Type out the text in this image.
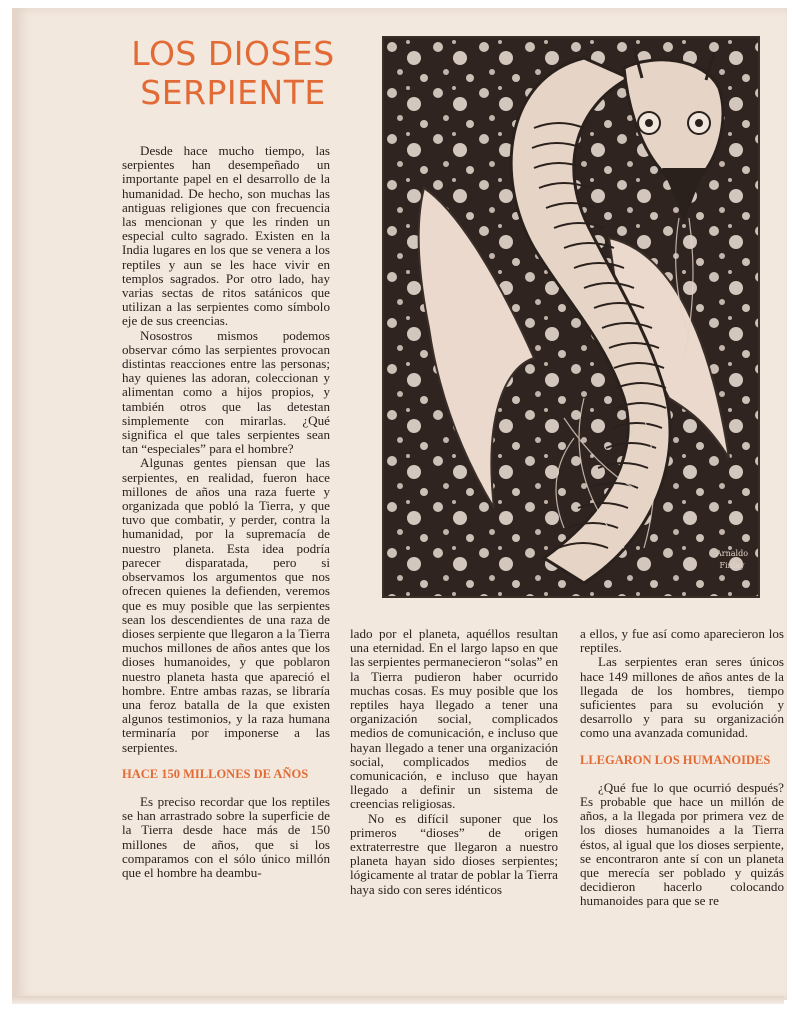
LOS DIOSES
SERPIENTE
Arnaldo
Finlay

Desde hace mucho tiempo, las serpientes han desempeñado un importante papel en el desarrollo de la humanidad. De hecho, son muchas las antiguas religiones que con frecuencia las mencionan y que les rinden un especial culto sagrado. Existen en la India lugares en los que se venera a los reptiles y aun se les hace vivir en templos sagrados. Por otro lado, hay varias sectas de ritos satánicos que utilizan a las serpientes como símbolo eje de sus creencias.

Nosostros mismos podemos observar cómo las serpientes provocan distintas reacciones entre las personas; hay quienes las adoran, coleccionan y alimentan como a hijos propios, y también otros que las detestan simplemente con mirarlas. ¿Qué significa el que tales serpientes sean tan “especiales” para el hombre?

Algunas gentes piensan que las serpientes, en realidad, fueron hace millones de años una raza fuerte y organizada que pobló la Tierra, y que tuvo que combatir, y perder, contra la humanidad, por la supremacía de nuestro planeta. Esta idea podría parecer disparatada, pero si observamos los argumentos que nos ofrecen quienes la defienden, veremos que es muy posible que las serpientes sean los descendientes de una raza de dioses serpiente que llegaron a la Tierra muchos millones de años antes que los dioses humanoides, y que poblaron nuestro planeta hasta que apareció el hombre. Entre ambas razas, se libraría una feroz batalla de la que existen algunos testimonios, y la raza humana terminaría por imponerse a las serpientes.

HACE 150 MILLONES DE AÑOS

Es preciso recordar que los reptiles se han arrastrado sobre la superficie de la Tierra desde hace más de 150 millones de años, que si los comparamos con el sólo único millón que el hombre ha deambu-

lado por el planeta, aquéllos resultan una eternidad. En el largo lapso en que las serpientes permanecieron “solas” en la Tierra pudieron haber ocurrido muchas cosas. Es muy posible que los reptiles haya llegado a tener una organización social, complicados medios de comunicación, e incluso que hayan llegado a tener una organización social, complicados medios de comunicación, e incluso que hayan llegado a definir un sistema de creencias religiosas.

No es difícil suponer que los primeros “dioses” de origen extraterrestre que llegaron a nuestro planeta hayan sido dioses serpientes; lógicamente al tratar de poblar la Tierra haya sido con seres idénticos

a ellos, y fue así como aparecieron los reptiles.

Las serpientes eran seres únicos hace 149 millones de años antes de la llegada de los hombres, tiempo suficientes para su evolución y desarrollo y para su organización como una avanzada comunidad.

LLEGARON LOS HUMANOIDES

¿Qué fue lo que ocurrió después? Es probable que hace un millón de años, a la llegada por primera vez de los dioses humanoides a la Tierra éstos, al igual que los dioses serpiente, se encontraron ante sí con un planeta que merecía ser poblado y quizás decidieron hacerlo colocando humanoides para que se re
